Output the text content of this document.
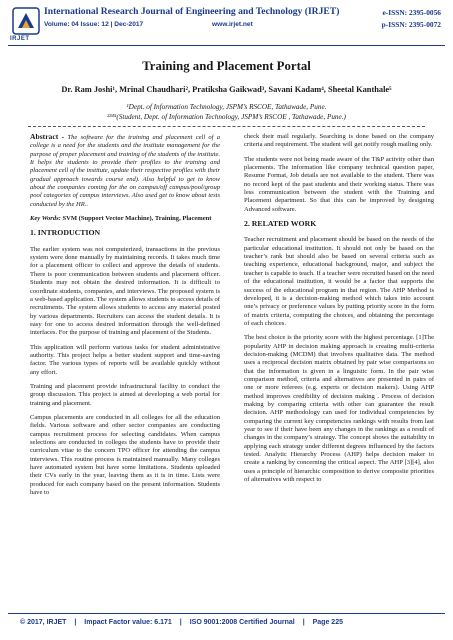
IRJET
International Research Journal of Engineering and Technology (IRJET)	e-ISSN: 2395-0056
Volume: 04 Issue: 12 | Dec-2017	www.irjet.net	p-ISSN: 2395-0072
Training and Placement Portal
Dr. Ram Joshi¹, Mrinal Chaudhari², Pratiksha Gaikwad³, Savani Kadam⁴, Sheetal Kanthale⁵
¹Dept. of Information Technology, JSPM’s RSCOE, Tathawade, Pune.
²³⁴⁵(Student, Dept. of Information Technology, JSPM’s RSCOE , Tathawade, Pune.)

Abstract - The software for the training and placement cell of a college is a need for the students and the institute management for the purpose of proper placement and training of the students of the institute. It helps the students to provide their profiles to the training and placement cell of the institute, update their respective profiles with their gradual approach towards course end). Also helpful to get to know about the companies coming for the on campus/off campus/pool/group pool categories of campus interviews. Also used get to know about tests conducted by the HR..

Key Words: SVM (Support Vector Machine), Training, Placement

1. INTRODUCTION

The earlier system was not computerized, transactions in the previous system were done manually by maintaining records. It takes much time for a placement officer to collect and approve the details of students. There is poor communication between students and placement officer. Students may not obtain the desired information. It is difficult to coordinate students, companies, and interviews. The proposed system is a web-based application. The system allows students to access details of recruitments. The system allows students to access any material posted by various departments. Recruiters can access the student details. It is easy for one to access desired information through the well-defined interfaces. For the purpose of training and placement of the Students.

This application will perform various tasks for student administrative authority. This project helps a better student support and time-saving factor. The various types of reports will be available quickly without any effort.

Training and placement provide infrastructural facility to conduct the group discussion. This project is aimed at developing a web portal for training and placement.

Campus placements are conducted in all colleges for all the education fields. Various software and other sector companies are conducting campus recruitment process for selecting candidates. When campus selections are conducted in colleges the students have to provide their curriculum vitae to the concern TPO officer for attending the campus interviews. This routine process is maintained manually. Many colleges have automated system but have some limitations. Students uploaded their CVs early in the year, leaving them as it is in time. Lists were produced for each company based on the present information. Students have to

check their mail regularly. Searching is done based on the company criteria and requirement. The student will get notify rough mailing only.

The students were not being made aware of the T&P activity other than placements. The information like company technical question paper, Resume Format, Job details are not available to the student. There was no record kept of the past students and their working status. There was less communication between the student with the Training and Placement department. So that this can be improved by designing Advanced software.

2. RELATED WORK

Teacher recruitment and placement should be based on the needs of the particular educational institution. It should not only be based on the teacher’s rank but should also be based on several criteria such as teaching experience, educational background, major, and subject the teacher is capable to teach. If a teacher were recruited based on the need of the educational institution, it would be a factor that supports the success of the educational program in that region. The AHP Method is developed, it is a decision-making method which takes into account one’s privacy or preference values by putting priority score in the form of matrix criteria, computing the choices, and obtaining the percentage of each choices.

The best choice is the priority score with the highest percentage. [1]The popularity AHP in decision making approach is creating multi-criteria decision-making (MCDM) that involves qualitative data. The method uses a reciprocal decision matrix obtained by pair wise comparisons so that the information is given in a linguistic form. In the pair wise comparison method, criteria and alternatives are presented in pairs of one or more referees (e.g. experts or decision makers). Using AHP method improves credibility of decision making . Process of decision making by comparing criteria with other can guarantee the result decision. AHP methodology can used for individual competencies by comparing the current key competencies rankings with results from last year to see if their have been any changes in the rankings as a result of changes in the company’s strategy. The concept shows the suitability in applying each strategy under different degrees influenced by the factors tested. Analytic Hierarchy Process (AHP) helps decision maker to create a ranking by concerning the critical aspect. The AHP [3][4], also uses a principle of hierarchic composition to derive composite priorities of alternatives with respect to

© 2017, IRJET | Impact Factor value: 6.171 | ISO 9001:2008 Certified Journal | Page 225
